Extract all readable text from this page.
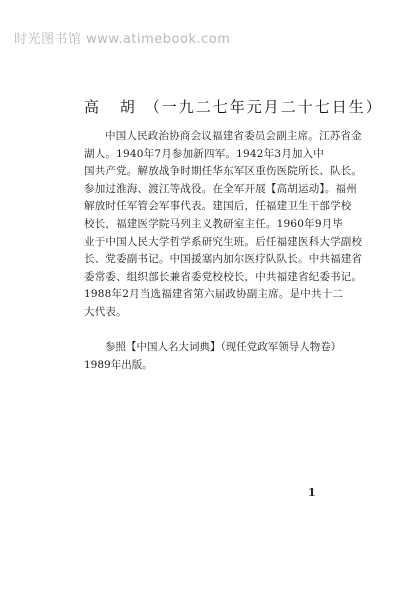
时光图书馆 www.atimebook.com
高 胡 （一九二七年元月二十七日生）
中国人民政治协商会议福建省委员会副主席。江苏省金
湖人。1940年7月参加新四军。1942年3月加入中
国共产党。解放战争时期任华东军区重伤医院所长、队长。
参加过淮海、渡江等战役。在全军开展【高胡运动】。福州
解放时任军管会军事代表。建国后，任福建卫生干部学校
校长，福建医学院马列主义教研室主任。1960年9月毕
业于中国人民大学哲学系研究生班。后任福建医科大学副校
长、党委副书记。中国援塞内加尔医疗队队长。中共福建省
委常委、组织部长兼省委党校校长，中共福建省纪委书记。
1988年2月当选福建省第六届政协副主席。是中共十二
大代表。
参照【中国人名大词典】（现任党政军领导人物卷）
1989年出版。
1
